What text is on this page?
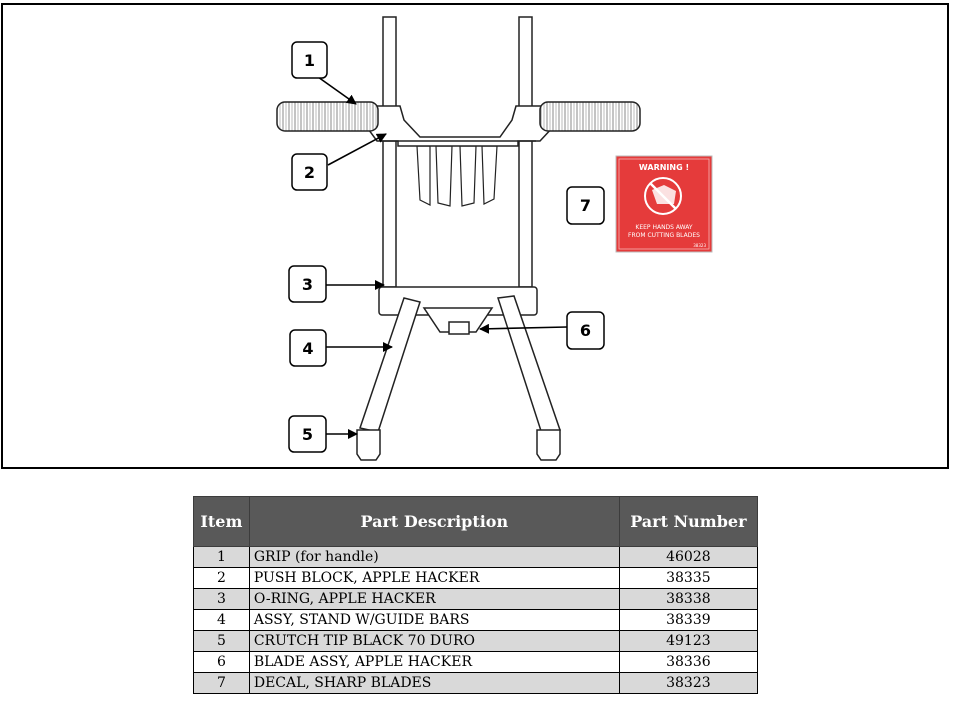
1
2
3
4
5
6
7
WARNING !
KEEP HANDS AWAY
FROM CUTTING BLADES
38323
Item	Part Description	Part Number
1	GRIP (for handle)	46028
2	PUSH BLOCK, APPLE HACKER	38335
3	O-RING, APPLE HACKER	38338
4	ASSY, STAND W/GUIDE BARS	38339
5	CRUTCH TIP BLACK 70 DURO	49123
6	BLADE ASSY, APPLE HACKER	38336
7	DECAL, SHARP BLADES	38323
